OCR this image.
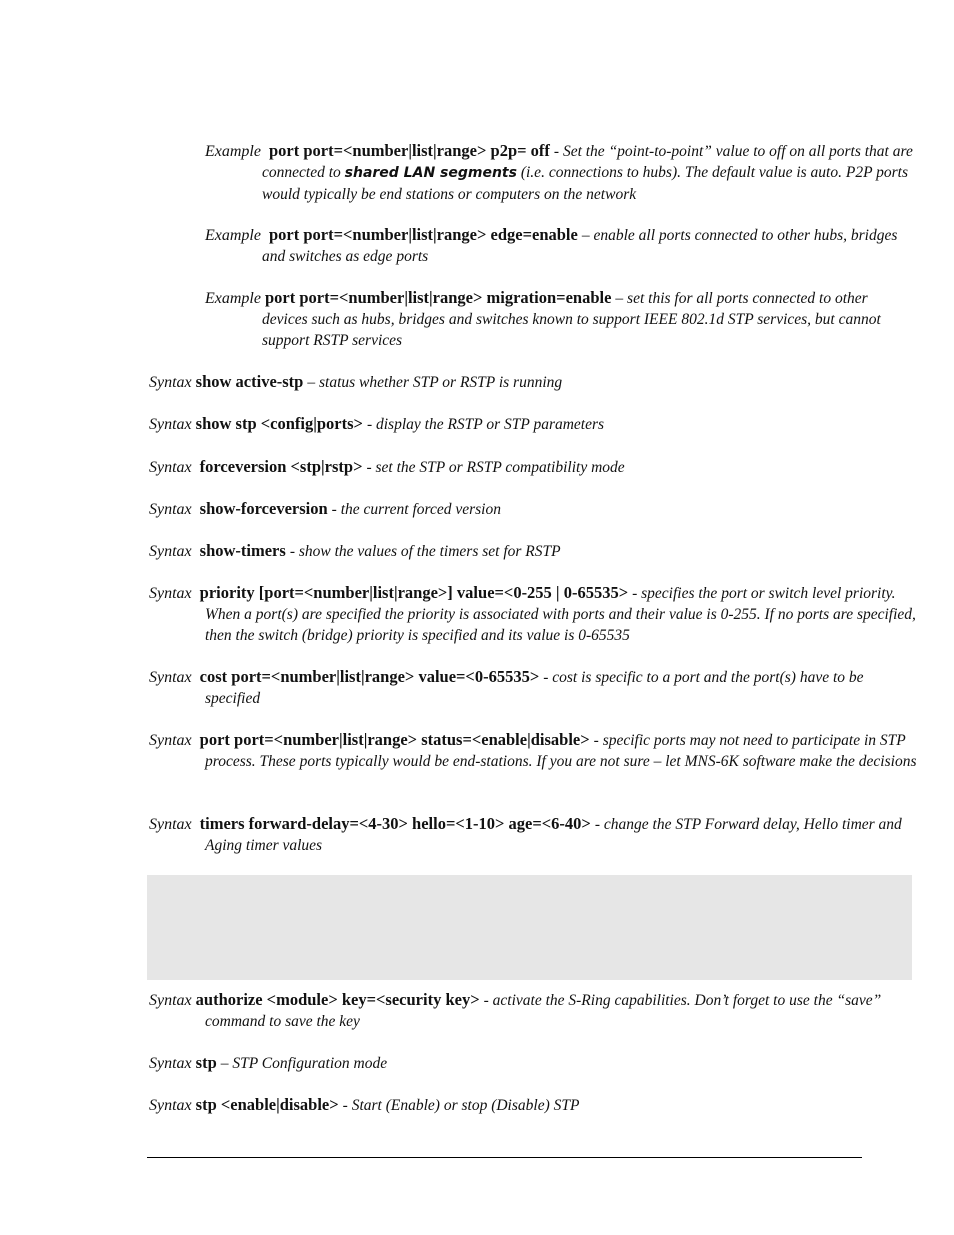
Example port port=<number|list|range> p2p= off - Set the “point-to-point” value to off on all ports that are connected to shared LAN segments (i.e. connections to hubs). The default value is auto. P2P ports would typically be end stations or computers on the network
Example port port=<number|list|range> edge=enable – enable all ports connected to other hubs, bridges and switches as edge ports
Example port port=<number|list|range> migration=enable – set this for all ports connected to other devices such as hubs, bridges and switches known to support IEEE 802.1d STP services, but cannot support RSTP services
Syntax show active-stp – status whether STP or RSTP is running
Syntax show stp <config|ports> - display the RSTP or STP parameters
Syntax forceversion <stp|rstp> - set the STP or RSTP compatibility mode
Syntax show-forceversion - the current forced version
Syntax show-timers - show the values of the timers set for RSTP
Syntax priority [port=<number|list|range>] value=<0-255 | 0-65535> - specifies the port or switch level priority. When a port(s) are specified the priority is associated with ports and their value is 0-255. If no ports are specified, then the switch (bridge) priority is specified and its value is 0-65535
Syntax cost port=<number|list|range> value=<0-65535> - cost is specific to a port and the port(s) have to be specified
Syntax port port=<number|list|range> status=<enable|disable> - specific ports may not need to participate in STP process. These ports typically would be end-stations. If you are not sure – let MNS-6K software make the decisions
Syntax timers forward-delay=<4-30> hello=<1-10> age=<6-40> - change the STP Forward delay, Hello timer and Aging timer values
Syntax authorize <module> key=<security key> - activate the S-Ring capabilities. Don’t forget to use the “save” command to save the key
Syntax stp – STP Configuration mode
Syntax stp <enable|disable> - Start (Enable) or stop (Disable) STP
